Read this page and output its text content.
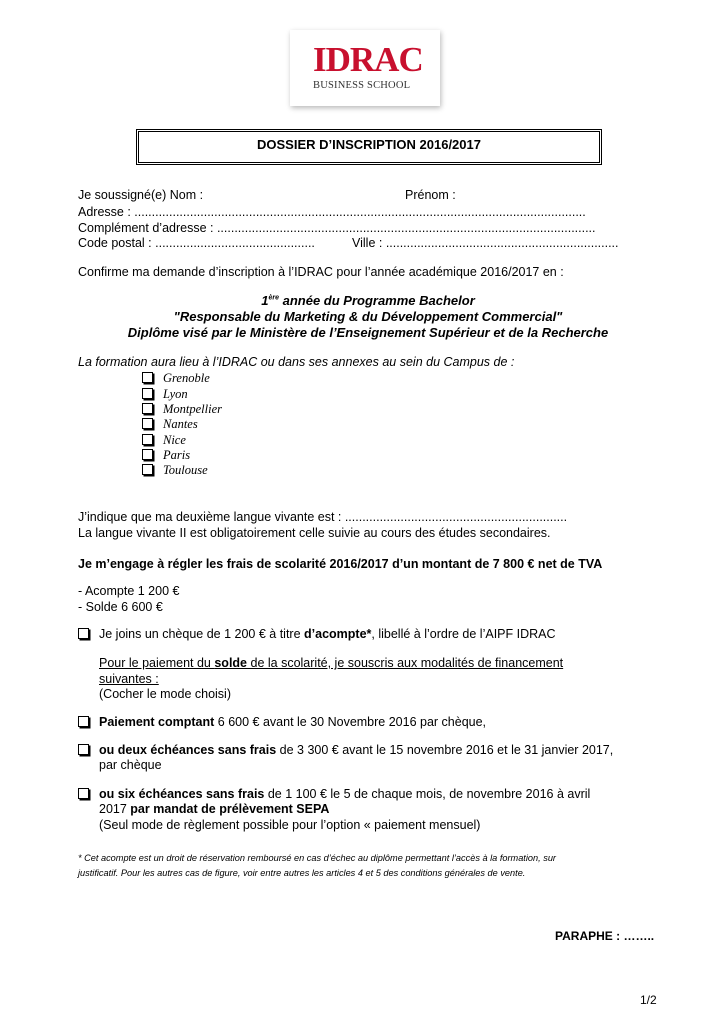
IDRAC
BUSINESS SCHOOL
DOSSIER D’INSCRIPTION 2016/2017
Je soussigné(e) Nom :	Prénom :
Adresse : ..................................................................................................................................
Complément d’adresse : .............................................................................................................
Code postal : ..............................................	Ville : ...................................................................
Confirme ma demande d’inscription à l’IDRAC pour l’année académique 2016/2017 en :
1ère année du Programme Bachelor
"Responsable du Marketing & du Développement Commercial"
Diplôme visé par le Ministère de l’Enseignement Supérieur et de la Recherche
La formation aura lieu à l’IDRAC ou dans ses annexes au sein du Campus de :
Grenoble
Lyon
Montpellier
Nantes
Nice
Paris
Toulouse
J’indique que ma deuxième langue vivante est : ................................................................
La langue vivante II est obligatoirement celle suivie au cours des études secondaires.
Je m’engage à régler les frais de scolarité 2016/2017 d’un montant de 7 800 € net de TVA
- Acompte 1 200 €
- Solde 6 600 €
Je joins un chèque de 1 200 € à titre d’acompte*, libellé à l’ordre de l’AIPF IDRAC
Pour le paiement du solde de la scolarité, je souscris aux modalités de financement
suivantes :
(Cocher le mode choisi)
Paiement comptant 6 600 € avant le 30 Novembre 2016 par chèque,
ou deux échéances sans frais de 3 300 € avant le 15 novembre 2016 et le 31 janvier 2017,
par chèque
ou six échéances sans frais de 1 100 € le 5 de chaque mois, de novembre 2016 à avril
2017 par mandat de prélèvement SEPA
(Seul mode de règlement possible pour l’option « paiement mensuel)
* Cet acompte est un droit de réservation remboursé en cas d’échec au diplôme permettant l’accès à la formation, sur
justificatif. Pour les autres cas de figure, voir entre autres les articles 4 et 5 des conditions générales de vente.
PARAPHE : ……..
1/2
